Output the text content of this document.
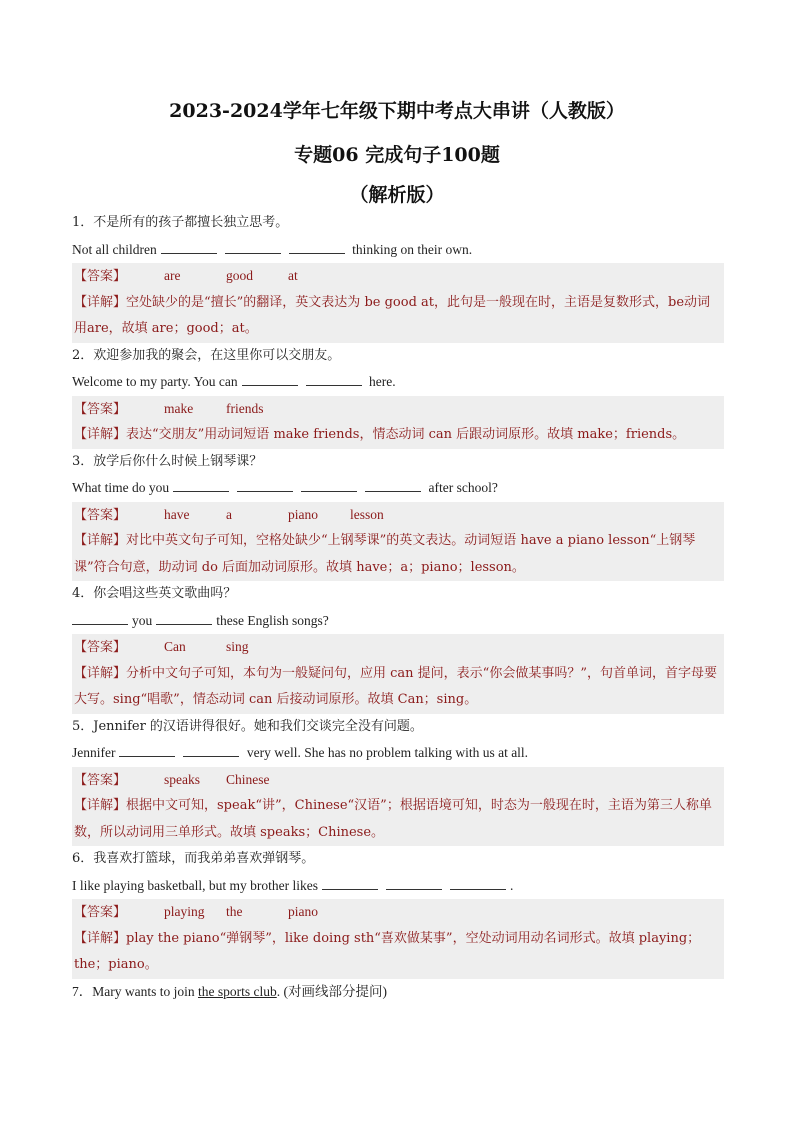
2023-2024学年七年级下期中考点大串讲（人教版）
专题06 完成句子100题
（解析版）
1．不是所有的孩子都擅长独立思考。
Not all children	thinking on their own.
【答案】	are	good	at
【详解】空处缺少的是“擅长”的翻译，英文表达为 be good at，此句是一般现在时，主语是复数形式，be动词用are，故填 are；good；at。
2．欢迎参加我的聚会，在这里你可以交朋友。
Welcome to my party. You can	here.
【答案】	make friends
【详解】表达“交朋友”用动词短语 make friends，情态动词 can 后跟动词原形。故填 make；friends。
3．放学后你什么时候上钢琴课？
What time do you	after school?
【答案】	have	a	piano lesson
【详解】对比中英文句子可知，空格处缺少“上钢琴课”的英文表达。动词短语 have a piano lesson“上钢琴课”符合句意，助动词 do 后面加动词原形。故填 have；a；piano；lesson。
4．你会唱这些英文歌曲吗？
you	these English songs?
【答案】	Can	sing
【详解】分析中文句子可知，本句为一般疑问句，应用 can 提问，表示“你会做某事吗？”，句首单词，首字母要大写。sing“唱歌”，情态动词 can 后接动词原形。故填 Can；sing。
5．Jennifer 的汉语讲得很好。她和我们交谈完全没有问题。
Jennifer	very well. She has no problem talking with us at all.
【答案】	speaks Chinese
【详解】根据中文可知，speak“讲”，Chinese“汉语”；根据语境可知，时态为一般现在时，主语为第三人称单数，所以动词用三单形式。故填 speaks；Chinese。
6．我喜欢打篮球，而我弟弟喜欢弹钢琴。
I like playing basketball, but my brother likes	.
【答案】	playing the	piano
【详解】play the piano“弹钢琴”，like doing sth“喜欢做某事”，空处动词用动名词形式。故填 playing；the；piano。
7．Mary wants to join the sports club. (对画线部分提问)
